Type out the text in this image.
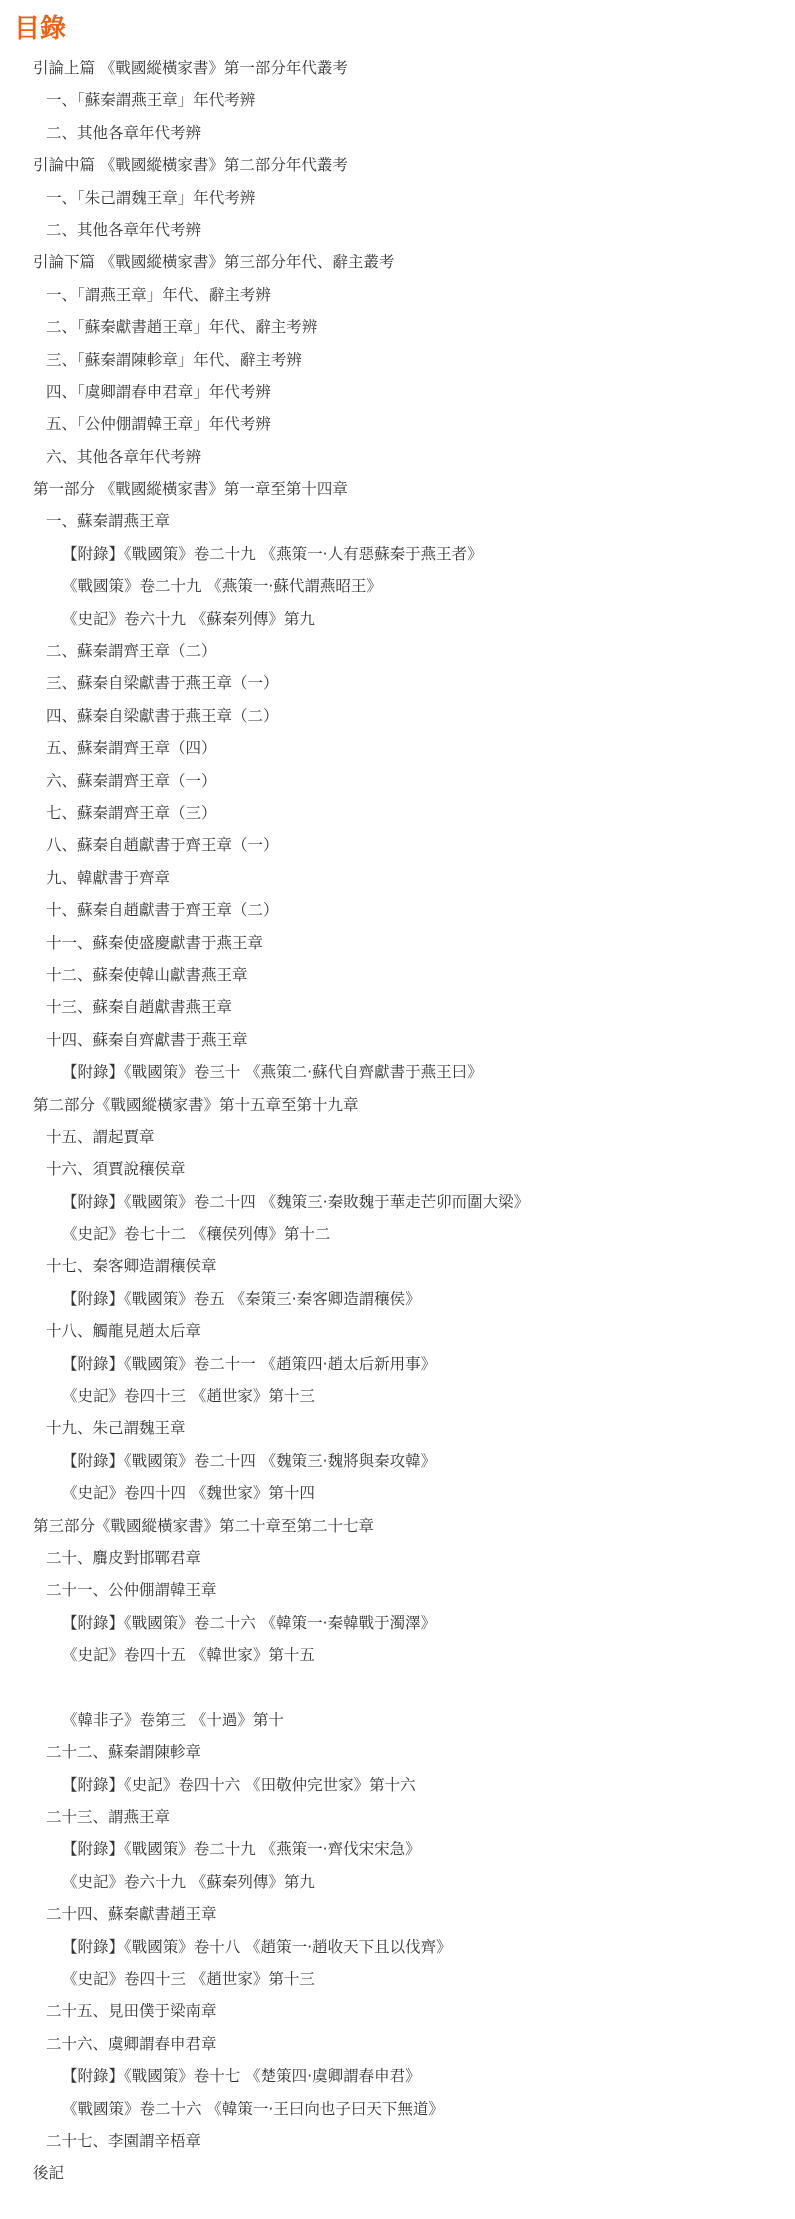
目錄
引論上篇 《戰國縱橫家書》第一部分年代叢考
一、「蘇秦謂燕王章」年代考辨
二、其他各章年代考辨
引論中篇 《戰國縱橫家書》第二部分年代叢考
一、「朱己謂魏王章」年代考辨
二、其他各章年代考辨
引論下篇 《戰國縱橫家書》第三部分年代、辭主叢考
一、「謂燕王章」年代、辭主考辨
二、「蘇秦獻書趙王章」年代、辭主考辨
三、「蘇秦謂陳軫章」年代、辭主考辨
四、「虞卿謂春申君章」年代考辨
五、「公仲倗謂韓王章」年代考辨
六、其他各章年代考辨
第一部分 《戰國縱橫家書》第一章至第十四章
一、蘇秦謂燕王章
【附錄】《戰國策》卷二十九 《燕策一·人有惡蘇秦于燕王者》
《戰國策》卷二十九 《燕策一·蘇代謂燕昭王》
《史記》卷六十九 《蘇秦列傳》第九
二、蘇秦謂齊王章（二）
三、蘇秦自梁獻書于燕王章（一）
四、蘇秦自梁獻書于燕王章（二）
五、蘇秦謂齊王章（四）
六、蘇秦謂齊王章（一）
七、蘇秦謂齊王章（三）
八、蘇秦自趙獻書于齊王章（一）
九、韓獻書于齊章
十、蘇秦自趙獻書于齊王章（二）
十一、蘇秦使盛慶獻書于燕王章
十二、蘇秦使韓山獻書燕王章
十三、蘇秦自趙獻書燕王章
十四、蘇秦自齊獻書于燕王章
【附錄】《戰國策》卷三十 《燕策二·蘇代自齊獻書于燕王曰》
第二部分《戰國縱橫家書》第十五章至第十九章
十五、謂起賈章
十六、須賈說穰侯章
【附錄】《戰國策》卷二十四 《魏策三·秦敗魏于華走芒卯而圍大梁》
《史記》卷七十二 《穰侯列傳》第十二
十七、秦客卿造謂穰侯章
【附錄】《戰國策》卷五 《秦策三·秦客卿造謂穰侯》
十八、觸龍見趙太后章
【附錄】《戰國策》卷二十一 《趙策四·趙太后新用事》
《史記》卷四十三 《趙世家》第十三
十九、朱己謂魏王章
【附錄】《戰國策》卷二十四 《魏策三·魏將與秦攻韓》
《史記》卷四十四 《魏世家》第十四
第三部分《戰國縱橫家書》第二十章至第二十七章
二十、麛皮對邯鄲君章
二十一、公仲倗謂韓王章
【附錄】《戰國策》卷二十六 《韓策一·秦韓戰于濁澤》
《史記》卷四十五 《韓世家》第十五
《韓非子》卷第三 《十過》第十
二十二、蘇秦謂陳軫章
【附錄】《史記》卷四十六 《田敬仲完世家》第十六
二十三、謂燕王章
【附錄】《戰國策》卷二十九 《燕策一·齊伐宋宋急》
《史記》卷六十九 《蘇秦列傳》第九
二十四、蘇秦獻書趙王章
【附錄】《戰國策》卷十八 《趙策一·趙收天下且以伐齊》
《史記》卷四十三 《趙世家》第十三
二十五、見田僕于梁南章
二十六、虞卿謂春申君章
【附錄】《戰國策》卷十七 《楚策四·虞卿謂春申君》
《戰國策》卷二十六 《韓策一·王曰向也子曰天下無道》
二十七、李園謂辛梧章
後記
